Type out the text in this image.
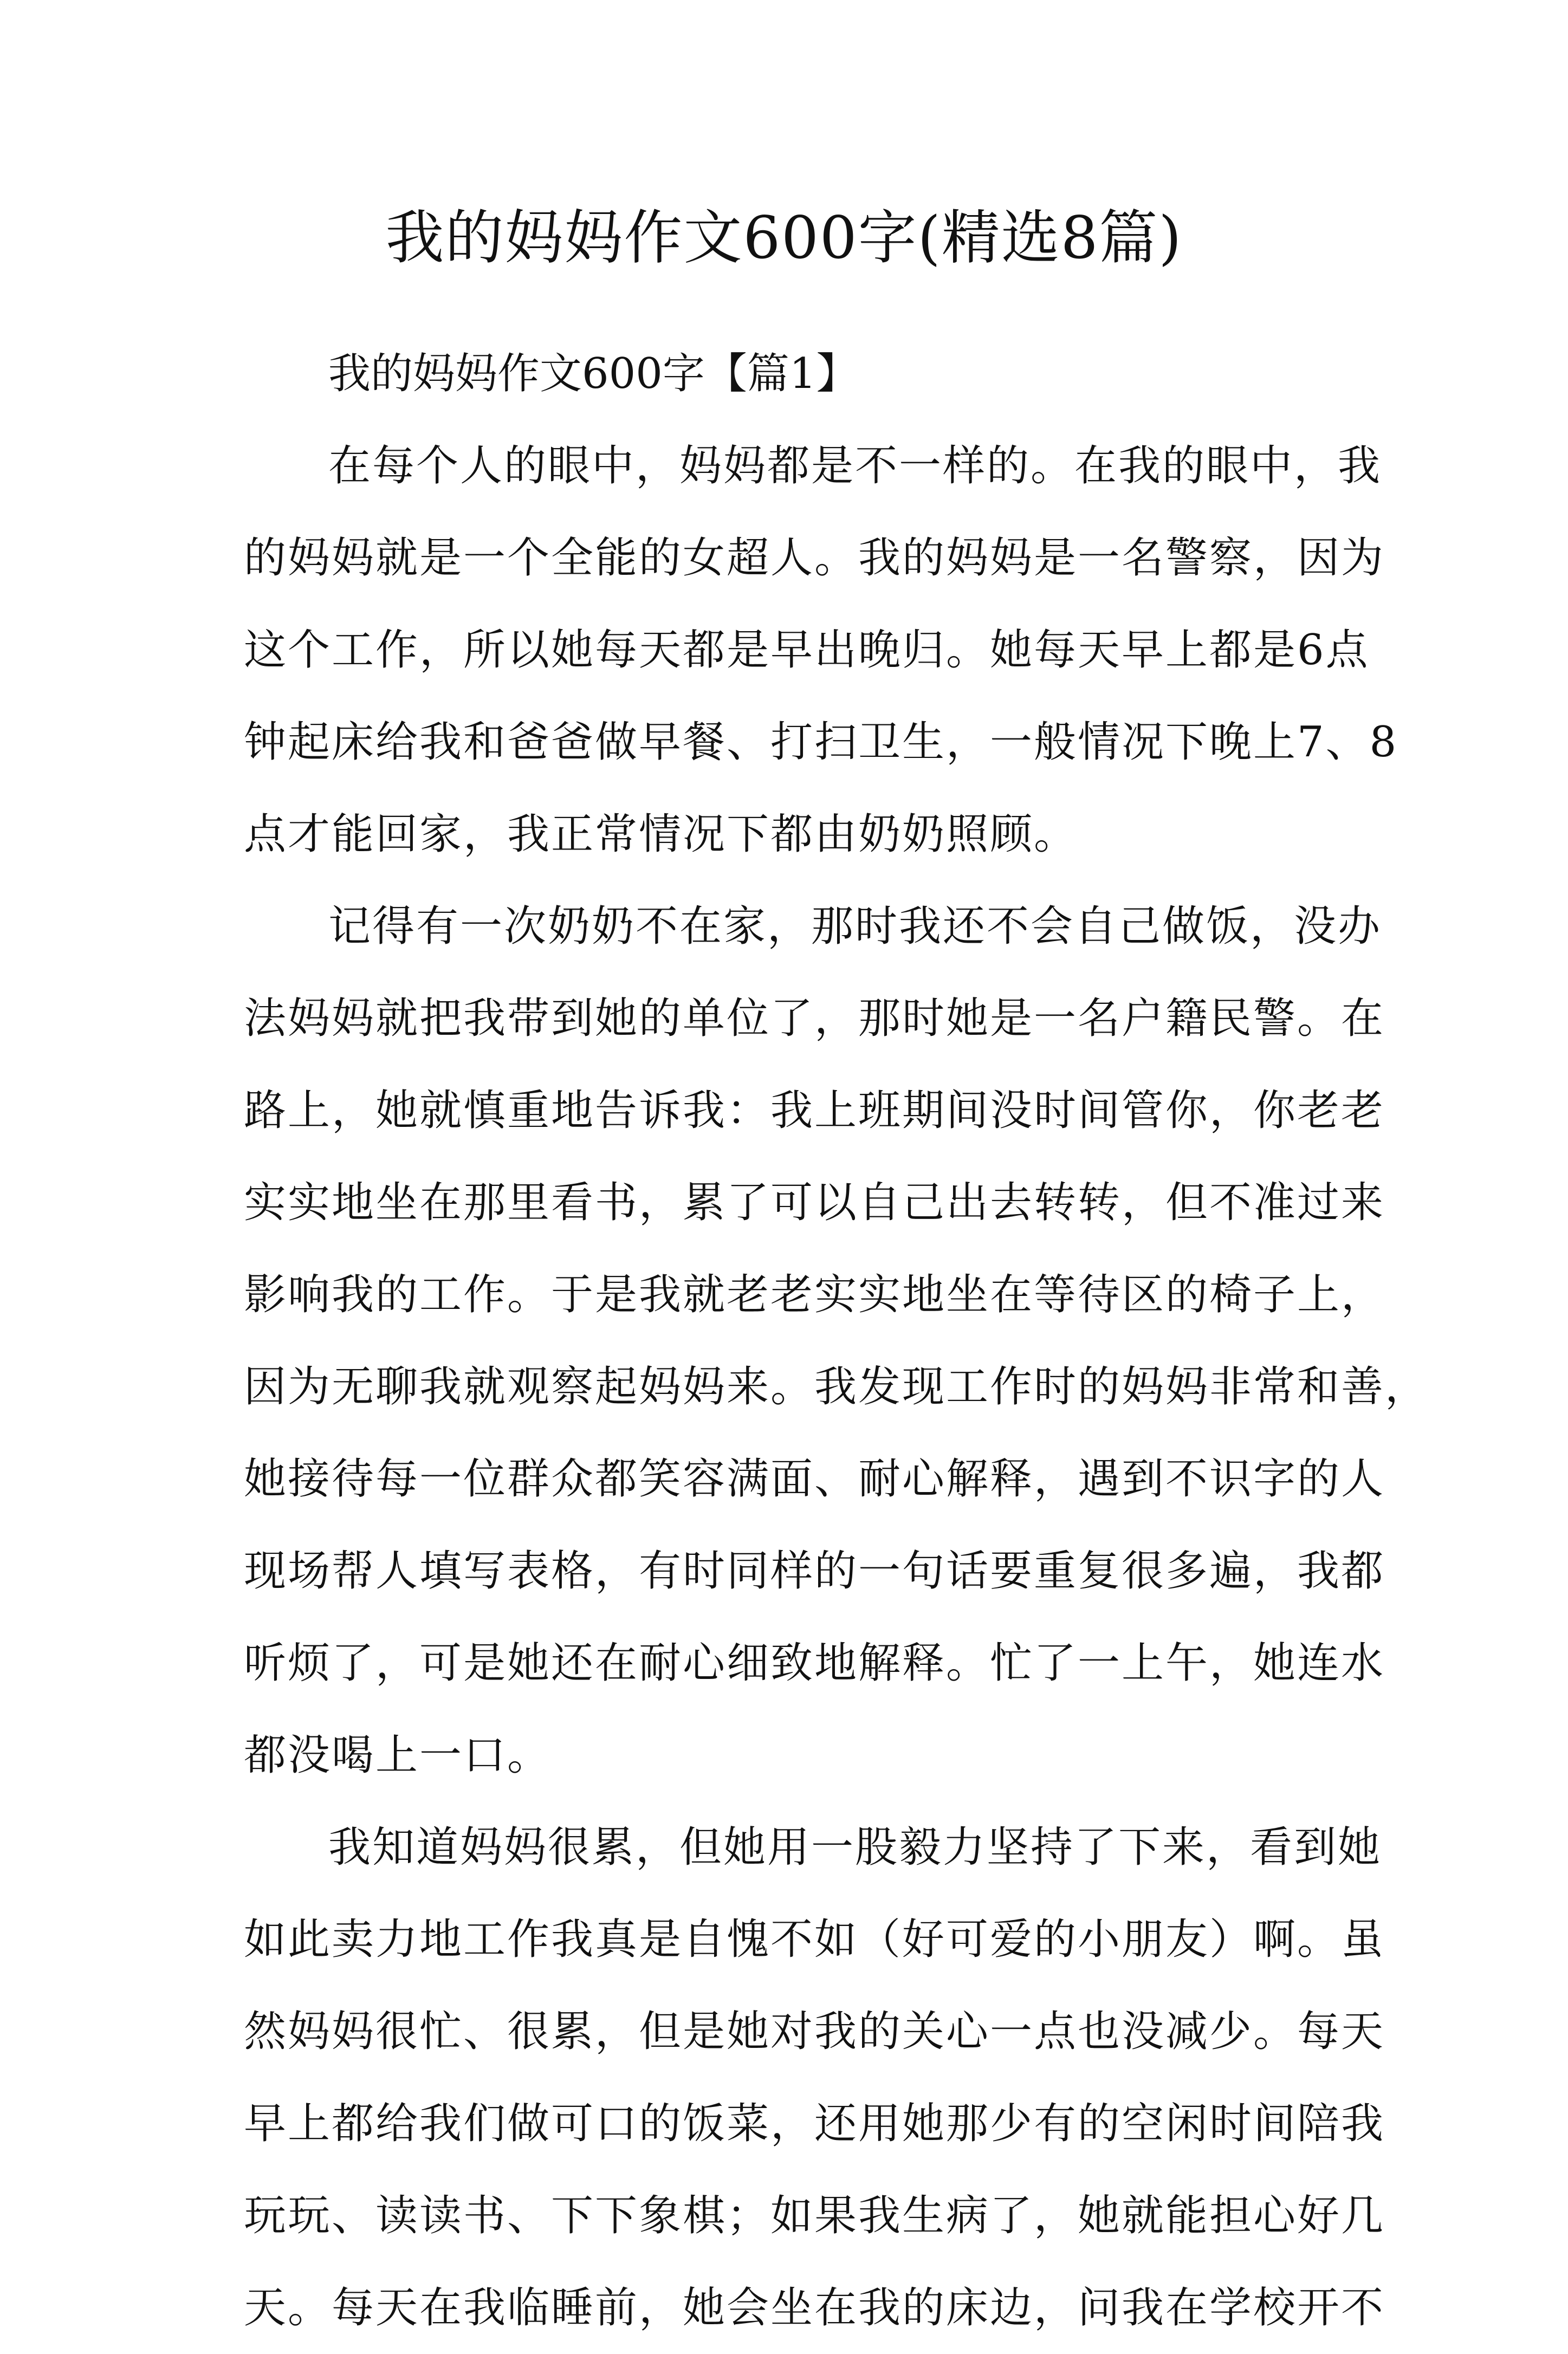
我的妈妈作文600字(精选8篇)
我的妈妈作文600字【篇1】
在每个人的眼中，妈妈都是不一样的。在我的眼中，我
的妈妈就是一个全能的女超人。我的妈妈是一名警察，因为
这个工作，所以她每天都是早出晚归。她每天早上都是6点
钟起床给我和爸爸做早餐、打扫卫生，一般情况下晚上7、8
点才能回家，我正常情况下都由奶奶照顾。
记得有一次奶奶不在家，那时我还不会自己做饭，没办
法妈妈就把我带到她的单位了，那时她是一名户籍民警。在
路上，她就慎重地告诉我：我上班期间没时间管你，你老老
实实地坐在那里看书，累了可以自己出去转转，但不准过来
影响我的工作。于是我就老老实实地坐在等待区的椅子上，
因为无聊我就观察起妈妈来。我发现工作时的妈妈非常和善，
她接待每一位群众都笑容满面、耐心解释，遇到不识字的人
现场帮人填写表格，有时同样的一句话要重复很多遍，我都
听烦了，可是她还在耐心细致地解释。忙了一上午，她连水
都没喝上一口。
我知道妈妈很累，但她用一股毅力坚持了下来，看到她
如此卖力地工作我真是自愧不如（好可爱的小朋友）啊。虽
然妈妈很忙、很累，但是她对我的关心一点也没减少。每天
早上都给我们做可口的饭菜，还用她那少有的空闲时间陪我
玩玩、读读书、下下象棋；如果我生病了，她就能担心好几
天。每天在我临睡前，她会坐在我的床边，问我在学校开不
